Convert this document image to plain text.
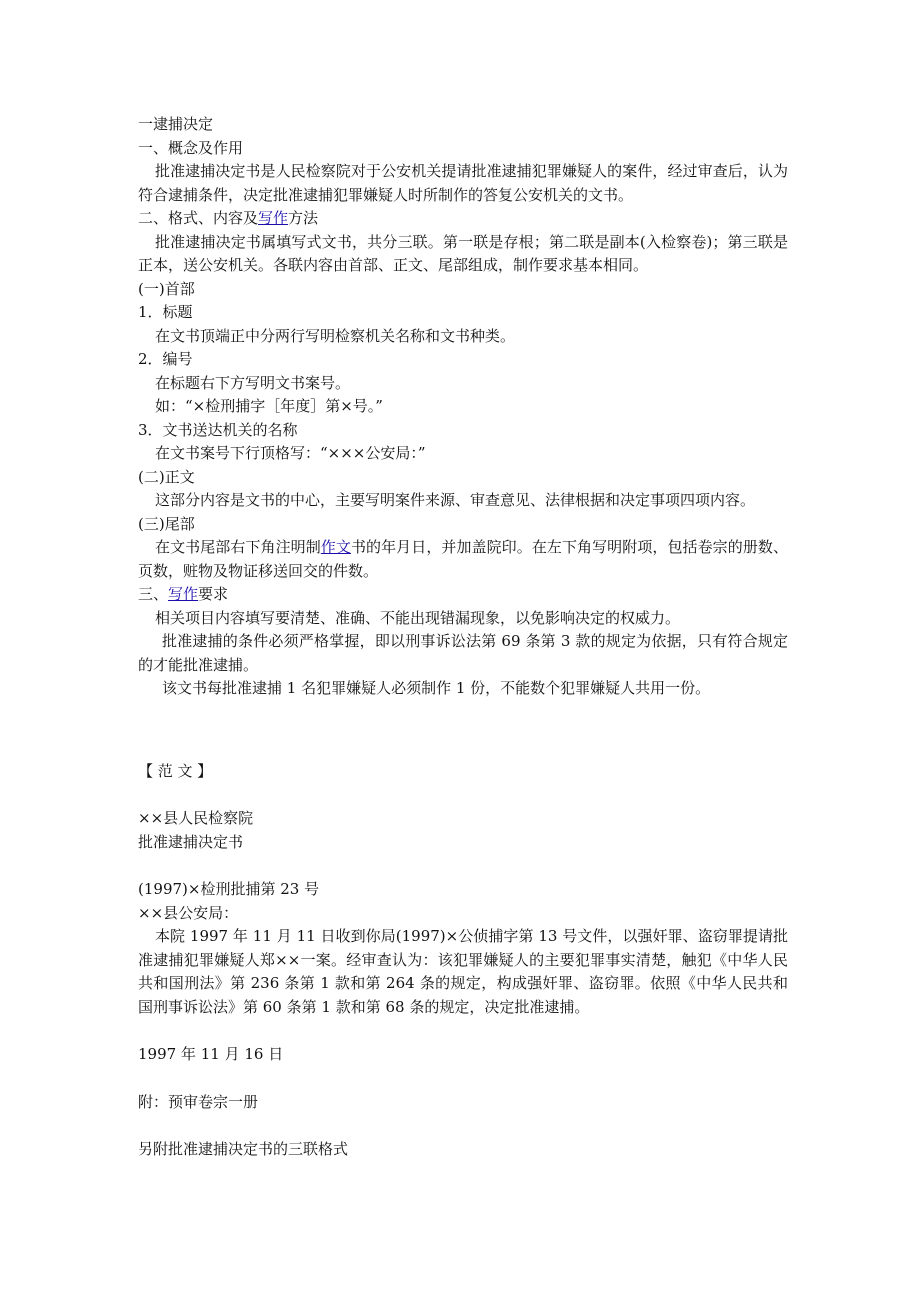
一逮捕决定

一、概念及作用

批准逮捕决定书是人民检察院对于公安机关提请批准逮捕犯罪嫌疑人的案件，经过审查后，认为符合逮捕条件，决定批准逮捕犯罪嫌疑人时所制作的答复公安机关的文书。

二、格式、内容及写作方法

批准逮捕决定书属填写式文书，共分三联。第一联是存根；第二联是副本(入检察卷)；第三联是正本，送公安机关。各联内容由首部、正文、尾部组成，制作要求基本相同。

(一)首部

1．标题

在文书顶端正中分两行写明检察机关名称和文书种类。

2．编号

在标题右下方写明文书案号。

如：“×检刑捕字［年度］第×号。”

3．文书送达机关的名称

在文书案号下行顶格写：“×××公安局：”

(二)正文

这部分内容是文书的中心，主要写明案件来源、审查意见、法律根据和决定事项四项内容。

(三)尾部

在文书尾部右下角注明制作文书的年月日，并加盖院印。在左下角写明附项，包括卷宗的册数、页数，赃物及物证移送回交的件数。

三、写作要求

相关项目内容填写要清楚、准确、不能出现错漏现象，以免影响决定的权威力。

批准逮捕的条件必须严格掌握，即以刑事诉讼法第 69 条第 3 款的规定为依据，只有符合规定的才能批准逮捕。

该文书每批准逮捕 1 名犯罪嫌疑人必须制作 1 份，不能数个犯罪嫌疑人共用一份。

【 范 文 】

××县人民检察院

批准逮捕决定书

(1997)×检刑批捕第 23 号

××县公安局：

本院 1997 年 11 月 11 日收到你局(1997)×公侦捕字第 13 号文件，以强奸罪、盗窃罪提请批准逮捕犯罪嫌疑人郑××一案。经审查认为：该犯罪嫌疑人的主要犯罪事实清楚，触犯《中华人民共和国刑法》第 236 条第 1 款和第 264 条的规定，构成强奸罪、盗窃罪。依照《中华人民共和国刑事诉讼法》第 60 条第 1 款和第 68 条的规定，决定批准逮捕。

1997 年 11 月 16 日

附：预审卷宗一册

另附批准逮捕决定书的三联格式
